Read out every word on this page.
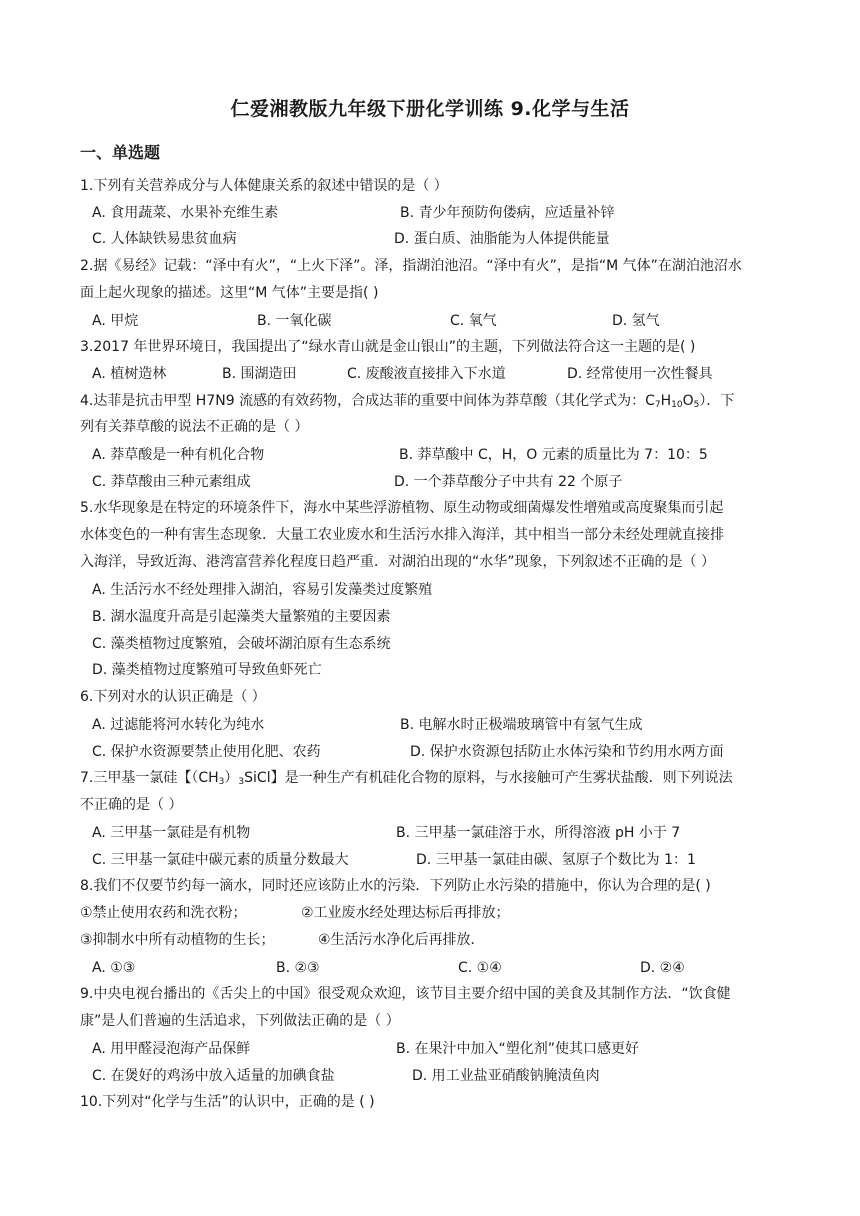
仁爱湘教版九年级下册化学训练 9.化学与生活
一、单选题
1.下列有关营养成分与人体健康关系的叙述中错误的是（ ）
A. 食用蔬菜、水果补充维生素	B. 青少年预防佝偻病，应适量补锌
C. 人体缺铁易患贫血病	D. 蛋白质、油脂能为人体提供能量
2.据《易经》记载：“泽中有火”，“上火下泽”。泽，指湖泊池沼。“泽中有火”，是指“M 气体”在湖泊池沼水
面上起火现象的描述。这里“M 气体”主要是指( )
A. 甲烷	B. 一氧化碳	C. 氧气	D. 氢气
3.2017 年世界环境日，我国提出了“绿水青山就是金山银山”的主题，下列做法符合这一主题的是( )
A. 植树造林	B. 围湖造田	C. 废酸液直接排入下水道	D. 经常使用一次性餐具
4.达菲是抗击甲型 H7N9 流感的有效药物，合成达菲的重要中间体为莽草酸（其化学式为：$C_7H_{10}O_5$）．下
列有关莽草酸的说法不正确的是（ ）
A. 莽草酸是一种有机化合物	B. 莽草酸中 C，H，O 元素的质量比为 7：10：5
C. 莽草酸由三种元素组成	D. 一个莽草酸分子中共有 22 个原子
5.水华现象是在特定的环境条件下，海水中某些浮游植物、原生动物或细菌爆发性增殖或高度聚集而引起
水体变色的一种有害生态现象．大量工农业废水和生活污水排入海洋，其中相当一部分未经处理就直接排
入海洋，导致近海、港湾富营养化程度日趋严重．对湖泊出现的“水华”现象，下列叙述不正确的是（ ）
A. 生活污水不经处理排入湖泊，容易引发藻类过度繁殖
B. 湖水温度升高是引起藻类大量繁殖的主要因素
C. 藻类植物过度繁殖，会破坏湖泊原有生态系统
D. 藻类植物过度繁殖可导致鱼虾死亡
6.下列对水的认识正确是（ ）
A. 过滤能将河水转化为纯水	B. 电解水时正极端玻璃管中有氢气生成
C. 保护水资源要禁止使用化肥、农药	D. 保护水资源包括防止水体污染和节约用水两方面
7.三甲基一氯硅【$(CH_3)_3SiCl$】是一种生产有机硅化合物的原料，与水接触可产生雾状盐酸．则下列说法
不正确的是（ ）
A. 三甲基一氯硅是有机物	B. 三甲基一氯硅溶于水，所得溶液 pH 小于 7
C. 三甲基一氯硅中碳元素的质量分数最大	D. 三甲基一氯硅由碳、氢原子个数比为 1：1
8.我们不仅要节约每一滴水，同时还应该防止水的污染．下列防止水污染的措施中，你认为合理的是( )
①禁止使用农药和洗衣粉；	②工业废水经处理达标后再排放；
③抑制水中所有动植物的生长；	④生活污水净化后再排放．
A. ①③	B. ②③	C. ①④	D. ②④
9.中央电视台播出的《舌尖上的中国》很受观众欢迎，该节目主要介绍中国的美食及其制作方法．“饮食健
康”是人们普遍的生活追求，下列做法正确的是（ ）
A. 用甲醛浸泡海产品保鲜	B. 在果汁中加入“塑化剂”使其口感更好
C. 在煲好的鸡汤中放入适量的加碘食盐	D. 用工业盐亚硝酸钠腌渍鱼肉
10.下列对“化学与生活”的认识中，正确的是 ( )
